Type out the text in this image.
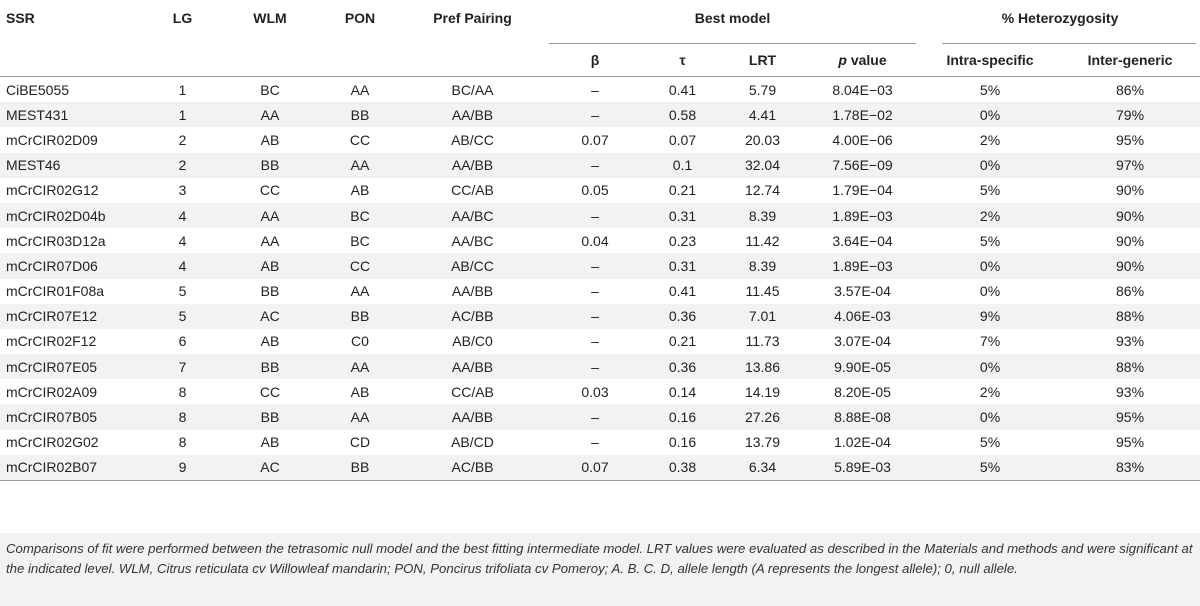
SSR	LG	WLM	PON	Pref Pairing	Best model				% Heterozygosity	
					β	τ	LRT	p value	Intra-specific	Inter-generic
CiBE5055	1	BC	AA	BC/AA	–	0.41	5.79	8.04E−03	5%	86%
MEST431	1	AA	BB	AA/BB	–	0.58	4.41	1.78E−02	0%	79%
mCrCIR02D09	2	AB	CC	AB/CC	0.07	0.07	20.03	4.00E−06	2%	95%
MEST46	2	BB	AA	AA/BB	–	0.1	32.04	7.56E−09	0%	97%
mCrCIR02G12	3	CC	AB	CC/AB	0.05	0.21	12.74	1.79E−04	5%	90%
mCrCIR02D04b	4	AA	BC	AA/BC	–	0.31	8.39	1.89E−03	2%	90%
mCrCIR03D12a	4	AA	BC	AA/BC	0.04	0.23	11.42	3.64E−04	5%	90%
mCrCIR07D06	4	AB	CC	AB/CC	–	0.31	8.39	1.89E−03	0%	90%
mCrCIR01F08a	5	BB	AA	AA/BB	–	0.41	11.45	3.57E-04	0%	86%
mCrCIR07E12	5	AC	BB	AC/BB	–	0.36	7.01	4.06E-03	9%	88%
mCrCIR02F12	6	AB	C0	AB/C0	–	0.21	11.73	3.07E-04	7%	93%
mCrCIR07E05	7	BB	AA	AA/BB	–	0.36	13.86	9.90E-05	0%	88%
mCrCIR02A09	8	CC	AB	CC/AB	0.03	0.14	14.19	8.20E-05	2%	93%
mCrCIR07B05	8	BB	AA	AA/BB	–	0.16	27.26	8.88E-08	0%	95%
mCrCIR02G02	8	AB	CD	AB/CD	–	0.16	13.79	1.02E-04	5%	95%
mCrCIR02B07	9	AC	BB	AC/BB	0.07	0.38	6.34	5.89E-03	5%	83%
Comparisons of fit were performed between the tetrasomic null model and the best fitting intermediate model. LRT values were evaluated as described in the Materials and methods and were significant at the indicated level. WLM, Citrus reticulata cv Willowleaf mandarin; PON, Poncirus trifoliata cv Pomeroy; A. B. C. D, allele length (A represents the longest allele); 0, null allele.
